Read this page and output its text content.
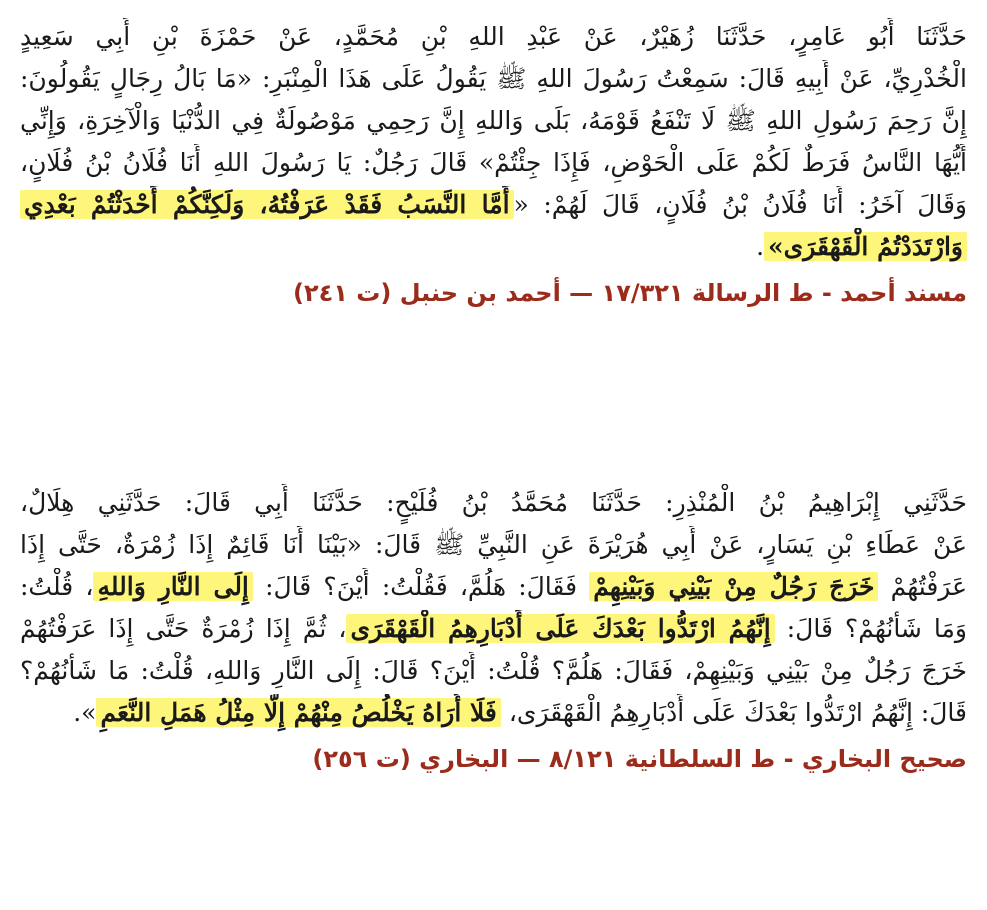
حَدَّثَنَا أَبُو عَامِرٍ، حَدَّثَنَا زُهَيْرٌ، عَنْ عَبْدِ اللهِ بْنِ مُحَمَّدٍ، عَنْ حَمْزَةَ بْنِ أَبِي سَعِيدٍ
الْخُدْرِيِّ، عَنْ أَبِيهِ قَالَ: سَمِعْتُ رَسُولَ اللهِ ﷺ يَقُولُ عَلَى هَذَا الْمِنْبَرِ: «مَا بَالُ رِجَالٍ يَقُولُونَ:
إِنَّ رَحِمَ رَسُولِ اللهِ ﷺ لَا تَنْفَعُ قَوْمَهُ، بَلَى وَاللهِ إِنَّ رَحِمِي مَوْصُولَةٌ فِي الدُّنْيَا وَالْآخِرَةِ، وَإِنِّي
أَيُّهَا النَّاسُ فَرَطٌ لَكُمْ عَلَى الْحَوْضِ، فَإِذَا جِئْتُمْ» قَالَ رَجُلٌ: يَا رَسُولَ اللهِ أَنَا فُلَانُ بْنُ فُلَانٍ،
وَقَالَ آخَرُ: أَنَا فُلَانُ بْنُ فُلَانٍ، قَالَ لَهُمْ: «أَمَّا النَّسَبُ فَقَدْ عَرَفْتُهُ، وَلَكِنَّكُمْ أَحْدَثْتُمْ بَعْدِي
وَارْتَدَدْتُمُ الْقَهْقَرَى».
مسند أحمد - ط الرسالة ١٧/٣٢١ — أحمد بن حنبل (ت ٢٤١)
حَدَّثَنِي إِبْرَاهِيمُ بْنُ الْمُنْذِرِ: حَدَّثَنَا مُحَمَّدُ بْنُ فُلَيْحٍ: حَدَّثَنَا أَبِي قَالَ: حَدَّثَنِي هِلَالٌ،
عَنْ عَطَاءِ بْنِ يَسَارٍ، عَنْ أَبِي هُرَيْرَةَ عَنِ النَّبِيِّ ﷺ قَالَ: «بَيْنَا أَنَا قَائِمٌ إِذَا زُمْرَةٌ، حَتَّى إِذَا
عَرَفْتُهُمْ خَرَجَ رَجُلٌ مِنْ بَيْنِي وَبَيْنِهِمْ فَقَالَ: هَلُمَّ، فَقُلْتُ: أَيْنَ؟ قَالَ: إِلَى النَّارِ وَاللهِ، قُلْتُ:
وَمَا شَأْنُهُمْ؟ قَالَ: إِنَّهُمُ ارْتَدُّوا بَعْدَكَ عَلَى أَدْبَارِهِمُ الْقَهْقَرَى، ثُمَّ إِذَا زُمْرَةٌ حَتَّى إِذَا عَرَفْتُهُمْ
خَرَجَ رَجُلٌ مِنْ بَيْنِي وَبَيْنِهِمْ، فَقَالَ: هَلُمَّ؟ قُلْتُ: أَيْنَ؟ قَالَ: إِلَى النَّارِ وَاللهِ، قُلْتُ: مَا شَأْنُهُمْ؟
قَالَ: إِنَّهُمُ ارْتَدُّوا بَعْدَكَ عَلَى أَدْبَارِهِمُ الْقَهْقَرَى، فَلَا أُرَاهُ يَخْلُصُ مِنْهُمْ إِلَّا مِثْلُ هَمَلِ النَّعَمِ».
صحيح البخاري - ط السلطانية ٨/١٢١ — البخاري (ت ٢٥٦)
